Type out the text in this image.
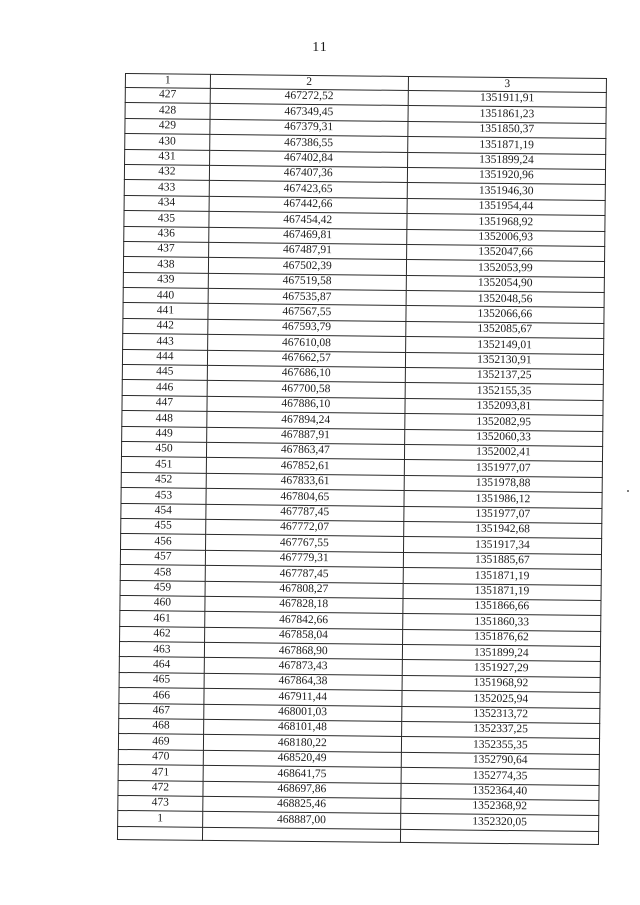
11
1	2	3
427	467272,52	1351911,91
428	467349,45	1351861,23
429	467379,31	1351850,37
430	467386,55	1351871,19
431	467402,84	1351899,24
432	467407,36	1351920,96
433	467423,65	1351946,30
434	467442,66	1351954,44
435	467454,42	1351968,92
436	467469,81	1352006,93
437	467487,91	1352047,66
438	467502,39	1352053,99
439	467519,58	1352054,90
440	467535,87	1352048,56
441	467567,55	1352066,66
442	467593,79	1352085,67
443	467610,08	1352149,01
444	467662,57	1352130,91
445	467686,10	1352137,25
446	467700,58	1352155,35
447	467886,10	1352093,81
448	467894,24	1352082,95
449	467887,91	1352060,33
450	467863,47	1352002,41
451	467852,61	1351977,07
452	467833,61	1351978,88
453	467804,65	1351986,12
454	467787,45	1351977,07
455	467772,07	1351942,68
456	467767,55	1351917,34
457	467779,31	1351885,67
458	467787,45	1351871,19
459	467808,27	1351871,19
460	467828,18	1351866,66
461	467842,66	1351860,33
462	467858,04	1351876,62
463	467868,90	1351899,24
464	467873,43	1351927,29
465	467864,38	1351968,92
466	467911,44	1352025,94
467	468001,03	1352313,72
468	468101,48	1352337,25
469	468180,22	1352355,35
470	468520,49	1352790,64
471	468641,75	1352774,35
472	468697,86	1352364,40
473	468825,46	1352368,92
1	468887,00	1352320,05
